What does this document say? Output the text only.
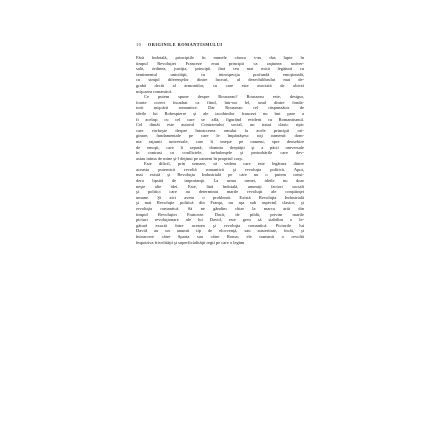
10 ORIGINILE ROMANTISMULUI

Fără îndoială, principiile în numele cărora s-au dus lupte în

timpul Revoluţiei Franceze erau principii ca raţiunea univer-

sală, ordinea, justiţia, principii fără cea mai mică legătură cu

sentimentul unicităţii, cu introspecţia profundă emoţională,

cu simţul diferenţelor dintre lucruri, al dezechilibrului mai de-

grabă decât al armoniilor, cu care este asociată de obicei

mişcarea romantică.

Ce putem spune despre Rousseau? Rousseau este, desigur,

foarte corect încadrat ca fiind, într-un fel, unul dintre fonda-

torii mişcării romantice. Dar Rousseau cel răspunzător de

ideile lui Robespierre şi ale iacobinilor francezi nu îmi pare a

fi acelaşi cu cel care se află, figurând evident cu Romantismul.

Cel dintâi este autorul Contractului social, un tratat clasic ripic

care vorbeşte despre întoarcerea omului la acele principii ori-

ginare, fundamentale pe care le împărtăşesc toţi oamenii: dom-

nia raţiunii universale, care îi uneşte pe oameni, spre deosebire

de emoţii, care îi separă; domnia dreptăţii şi a păcii universale

în contrast cu conflictele, turbulenţele şi perturbările care dev-

astau inima de mine şi-l deţinui pe oameni în propriul corp.

Este dificil, prin urmare, să vedem care este legătura dintre

aceasta puternică revoltă romantică şi revoluţia politică. Apoi,

mai există şi Revoluţia Industrială pe care nu o putem consi-

dera lipsită de importanţă. La urma urmei, ideile nu doar

neşte alte idei. Este, fără îndoială, anumiţi factori sociali

şi politici care au determinat marile revoluţii ale conştiinţei

umane. Şi aici avem o problemă. Există Revoluţia Industrială

şi mai Revoluţie politică din Franţa, nu aşa sub aspectul clasice, şi

revoluţia romantică. Să ne gândim chiar la marca artă din

timpul Revoluţiei Franceze. Dacă, de pildă, privim marile

picturi revoluţionare ale lui David, este greu să stabilim o le-

gătură exactă între acestea şi revoluţia romantică. Picturile lui

David au un anumit tip de elocvenţă, sau austeritate, încât, şi

întoarcere către Sparta sau către Roma; ele transmit o revoltă

împotriva frivolităţii şi superficialităţii regii pe care o legăm
